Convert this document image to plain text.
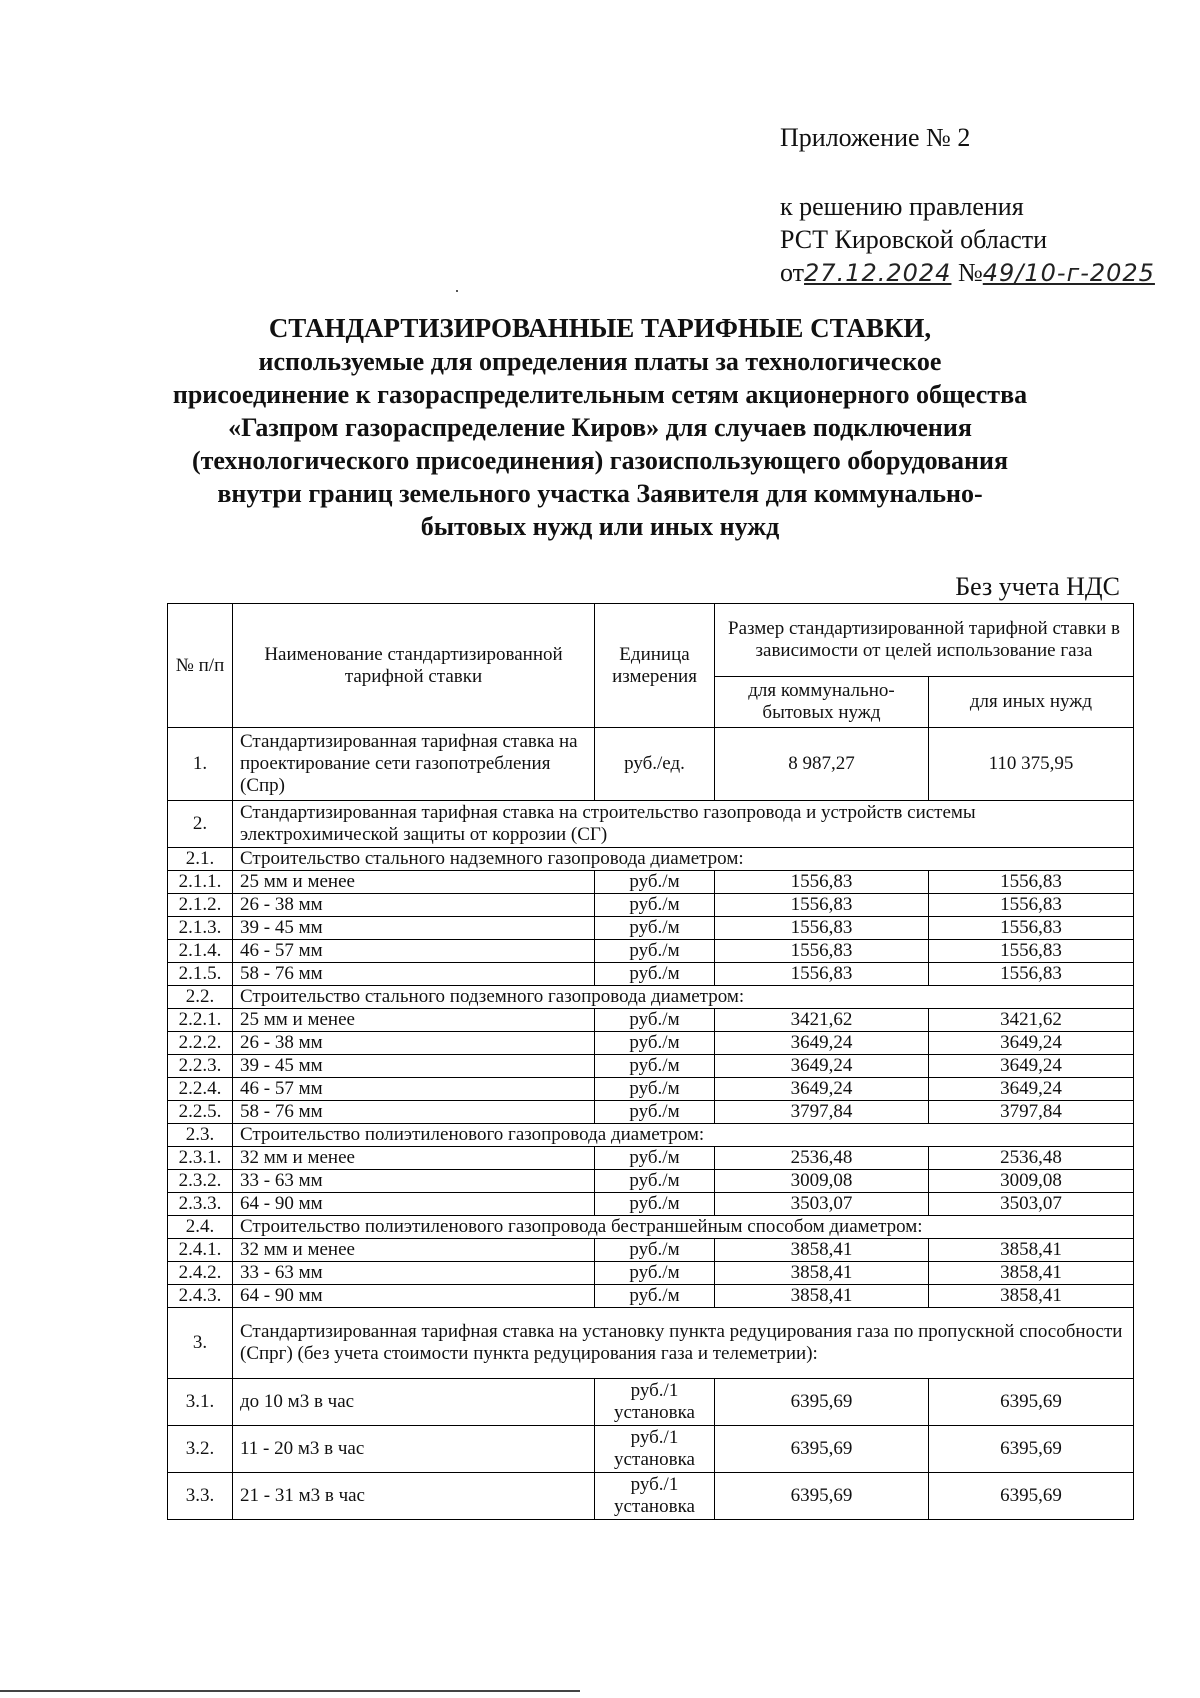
Приложение № 2
к решению правления
РСТ Кировской области
от27.12.2024 №49/10-г-2025
СТАНДАРТИЗИРОВАННЫЕ ТАРИФНЫЕ СТАВКИ,
используемые для определения платы за технологическое
присоединение к газораспределительным сетям акционерного общества
«Газпром газораспределение Киров» для случаев подключения
(технологического присоединения) газоиспользующего оборудования
внутри границ земельного участка Заявителя для коммунально-
бытовых нужд или иных нужд
Без учета НДС
№ п/п	Наименование стандартизированной тарифной ставки	Единица измерения	Размер стандартизированной тарифной ставки в зависимости от целей использование газа	
			для коммунально-бытовых нужд	для иных нужд
1.	Стандартизированная тарифная ставка на проектирование сети газопотребления (Спр)	руб./ед.	8 987,27	110 375,95
2.	Стандартизированная тарифная ставка на строительство газопровода и устройств системы электрохимической защиты от коррозии (СГ)			
2.1.	Строительство стального надземного газопровода диаметром:			
2.1.1.	25 мм и менее	руб./м	1556,83	1556,83
2.1.2.	26 - 38 мм	руб./м	1556,83	1556,83
2.1.3.	39 - 45 мм	руб./м	1556,83	1556,83
2.1.4.	46 - 57 мм	руб./м	1556,83	1556,83
2.1.5.	58 - 76 мм	руб./м	1556,83	1556,83
2.2.	Строительство стального подземного газопровода диаметром:			
2.2.1.	25 мм и менее	руб./м	3421,62	3421,62
2.2.2.	26 - 38 мм	руб./м	3649,24	3649,24
2.2.3.	39 - 45 мм	руб./м	3649,24	3649,24
2.2.4.	46 - 57 мм	руб./м	3649,24	3649,24
2.2.5.	58 - 76 мм	руб./м	3797,84	3797,84
2.3.	Строительство полиэтиленового газопровода диаметром:			
2.3.1.	32 мм и менее	руб./м	2536,48	2536,48
2.3.2.	33 - 63 мм	руб./м	3009,08	3009,08
2.3.3.	64 - 90 мм	руб./м	3503,07	3503,07
2.4.	Строительство полиэтиленового газопровода бестраншейным способом диаметром:			
2.4.1.	32 мм и менее	руб./м	3858,41	3858,41
2.4.2.	33 - 63 мм	руб./м	3858,41	3858,41
2.4.3.	64 - 90 мм	руб./м	3858,41	3858,41
3.	Стандартизированная тарифная ставка на установку пункта редуцирования газа по пропускной способности (Спрг) (без учета стоимости пункта редуцирования газа и телеметрии):			
3.1.	до 10 м3 в час	руб./1 установка	6395,69	6395,69
3.2.	11 - 20 м3 в час	руб./1 установка	6395,69	6395,69
3.3.	21 - 31 м3 в час	руб./1 установка	6395,69	6395,69
